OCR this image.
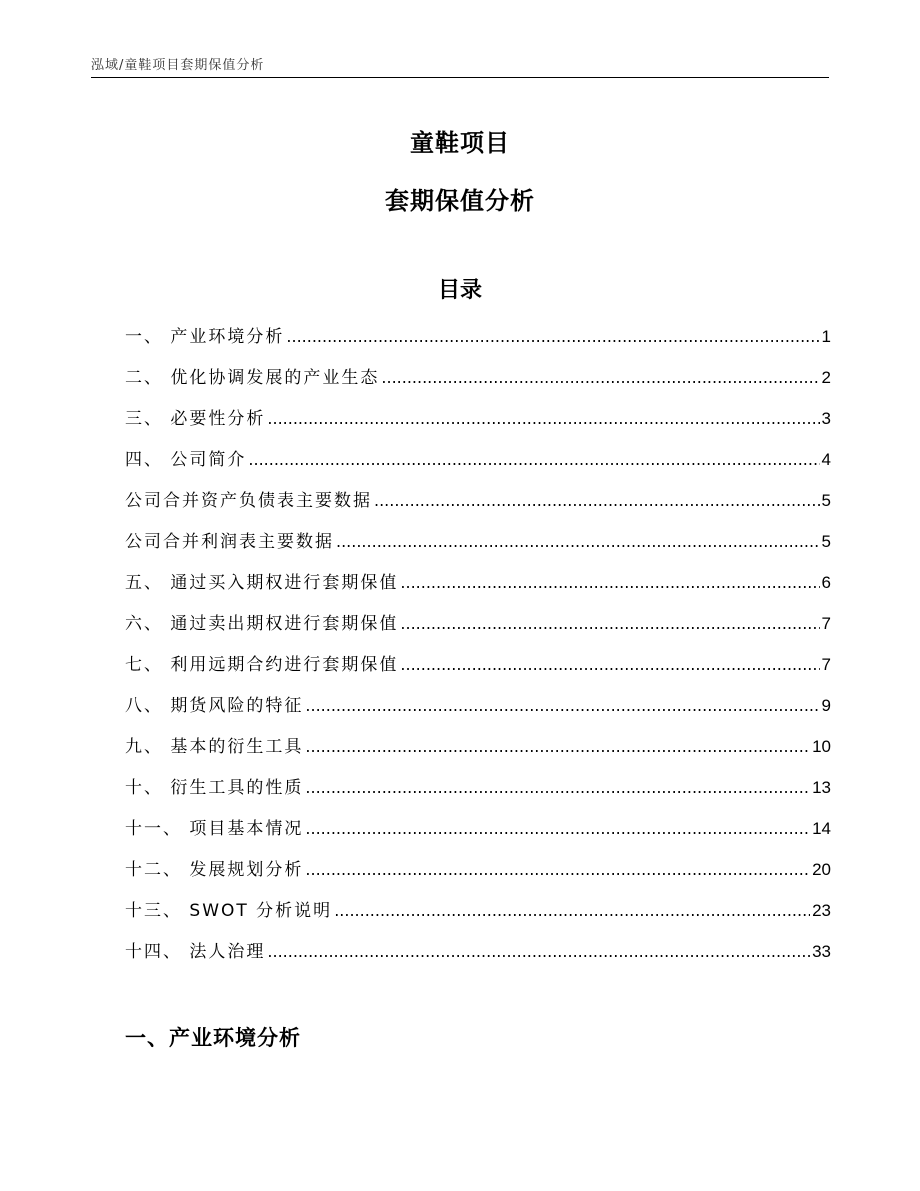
泓域/童鞋项目套期保值分析
童鞋项目
套期保值分析
目录
一、 产业环境分析 .....	1
二、 优化协调发展的产业生态 .....	2
三、 必要性分析 .....	3
四、 公司简介 .....	4
公司合并资产负债表主要数据 .....	5
公司合并利润表主要数据 .....	5
五、 通过买入期权进行套期保值 .....	6
六、 通过卖出期权进行套期保值 .....	7
七、 利用远期合约进行套期保值 .....	7
八、 期货风险的特征 .....	9
九、 基本的衍生工具 .....	10
十、 衍生工具的性质 .....	13
十一、 项目基本情况 .....	14
十二、 发展规划分析 .....	20
十三、 SWOT 分析说明 .....	23
十四、 法人治理 .....	33
一、产业环境分析
